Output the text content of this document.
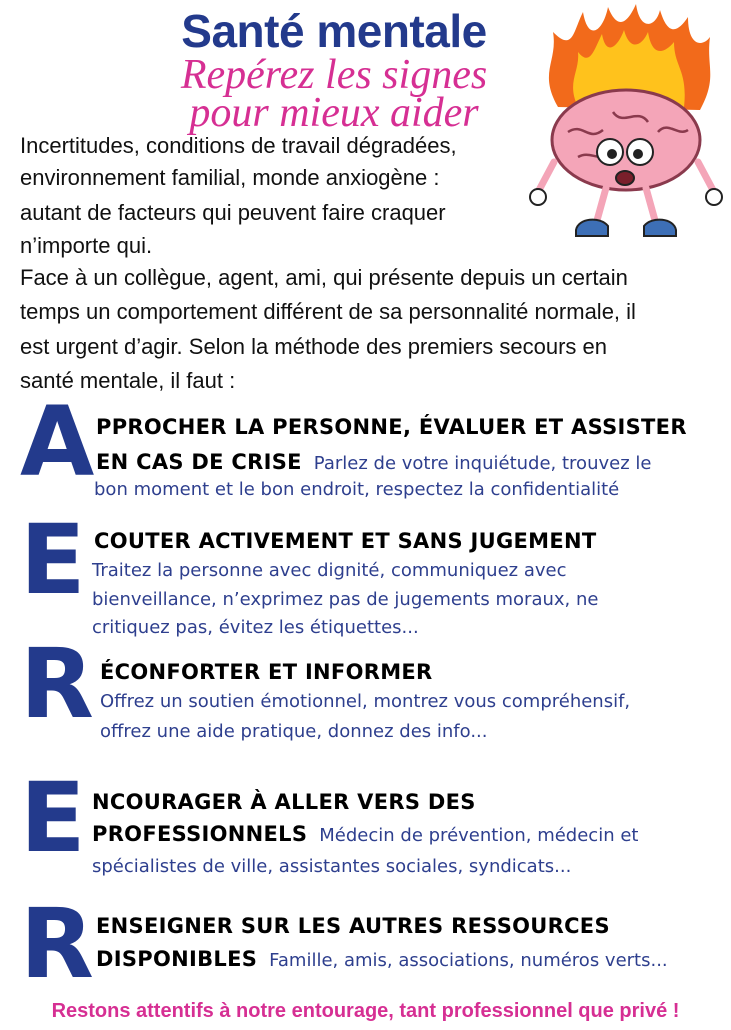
Santé mentale
Repérez les signes
pour mieux aider
Incertitudes, conditions de travail dégradées,
environnement familial, monde anxiogène :
autant de facteurs qui peuvent faire craquer
n’importe qui.
Face à un collègue, agent, ami, qui présente depuis un certain
temps un comportement différent de sa personnalité normale, il
est urgent d’agir. Selon la méthode des premiers secours en
santé mentale, il faut :
A PPROCHER LA PERSONNE, ÉVALUER ET ASSISTER
EN CAS DE CRISE Parlez de votre inquiétude, trouvez le
bon moment et le bon endroit, respectez la confidentialité
E COUTER ACTIVEMENT ET SANS JUGEMENT
Traitez la personne avec dignité, communiquez avec
bienveillance, n’exprimez pas de jugements moraux, ne
critiquez pas, évitez les étiquettes...
R ÉCONFORTER ET INFORMER
Offrez un soutien émotionnel, montrez vous compréhensif,
offrez une aide pratique, donnez des info...
E NCOURAGER À ALLER VERS DES
PROFESSIONNELS Médecin de prévention, médecin et
spécialistes de ville, assistantes sociales, syndicats...
R ENSEIGNER SUR LES AUTRES RESSOURCES
DISPONIBLES Famille, amis, associations, numéros verts...
Restons attentifs à notre entourage, tant professionnel que privé !
